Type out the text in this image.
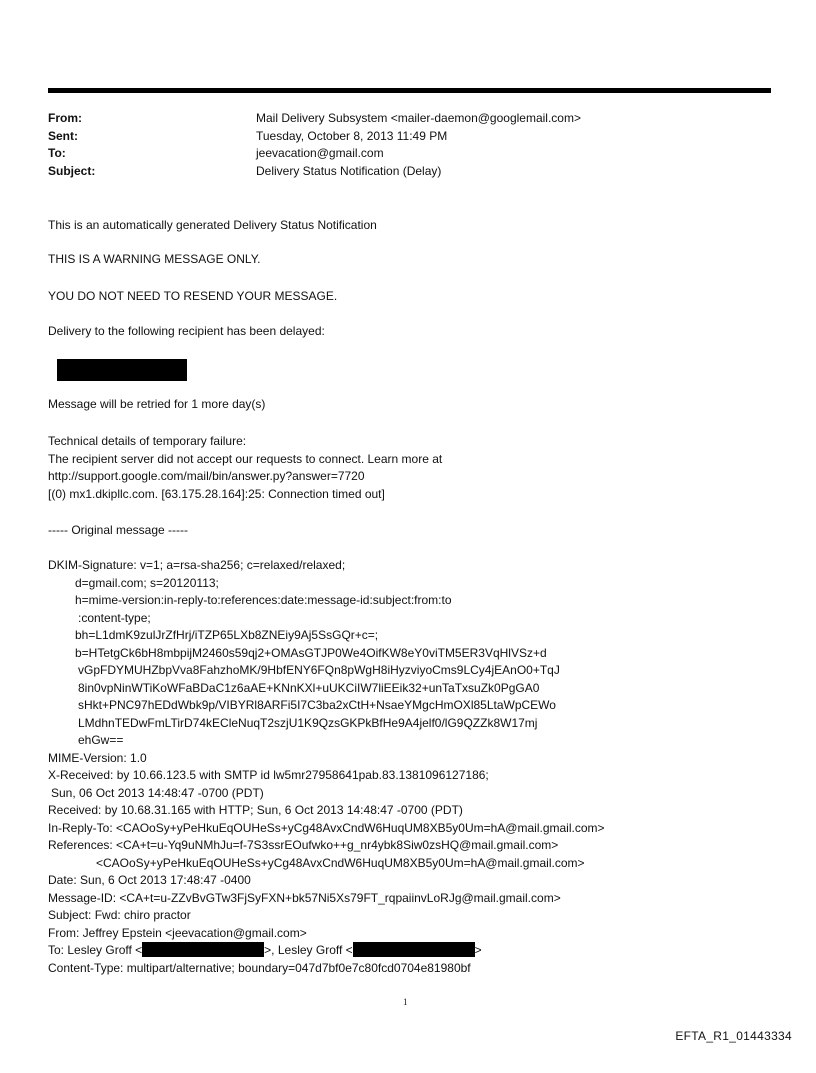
From:	Mail Delivery Subsystem <mailer-daemon@googlemail.com>
Sent:	Tuesday, October 8, 2013 11:49 PM
To:	jeevacation@gmail.com
Subject:	Delivery Status Notification (Delay)
This is an automatically generated Delivery Status Notification
THIS IS A WARNING MESSAGE ONLY.
YOU DO NOT NEED TO RESEND YOUR MESSAGE.
Delivery to the following recipient has been delayed:
Message will be retried for 1 more day(s)
Technical details of temporary failure:
The recipient server did not accept our requests to connect. Learn more at
http://support.google.com/mail/bin/answer.py?answer=7720
[(0) mx1.dkipllc.com. [63.175.28.164]:25: Connection timed out]
----- Original message -----
DKIM-Signature: v=1; a=rsa-sha256; c=relaxed/relaxed;
d=gmail.com; s=20120113;
h=mime-version:in-reply-to:references:date:message-id:subject:from:to
:content-type;
bh=L1dmK9zulJrZfHrj/iTZP65LXb8ZNEiy9Aj5SsGQr+c=;
b=HTetgCk6bH8mbpijM2460s59qj2+OMAsGTJP0We4OifKW8eY0viTM5ER3VqHlVSz+d
vGpFDYMUHZbpVva8FahzhoMK/9HbfENY6FQn8pWgH8iHyzviyoCms9LCy4jEAnO0+TqJ
8in0vpNinWTiKoWFaBDaC1z6aAE+KNnKXl+uUKCiIW7liEEik32+unTaTxsuZk0PgGA0
sHkt+PNC97hEDdWbk9p/VIBYRl8ARFi5I7C3ba2xCtH+NsaeYMgcHmOXl85LtaWpCEWo
LMdhnTEDwFmLTirD74kECleNuqT2szjU1K9QzsGKPkBfHe9A4jelf0/lG9QZZk8W17mj
ehGw==
MIME-Version: 1.0
X-Received: by 10.66.123.5 with SMTP id lw5mr27958641pab.83.1381096127186;
Sun, 06 Oct 2013 14:48:47 -0700 (PDT)
Received: by 10.68.31.165 with HTTP; Sun, 6 Oct 2013 14:48:47 -0700 (PDT)
In-Reply-To: <CAOoSy+yPeHkuEqOUHeSs+yCg48AvxCndW6HuqUM8XB5y0Um=hA@mail.gmail.com>
References: <CA+t=u-Yq9uNMhJu=f-7S3ssrEOufwko++g_nr4ybk8Siw0zsHQ@mail.gmail.com>
<CAOoSy+yPeHkuEqOUHeSs+yCg48AvxCndW6HuqUM8XB5y0Um=hA@mail.gmail.com>
Date: Sun, 6 Oct 2013 17:48:47 -0400
Message-ID: <CA+t=u-ZZvBvGTw3FjSyFXN+bk57Ni5Xs79FT_rqpaiinvLoRJg@mail.gmail.com>
Subject: Fwd: chiro practor
From: Jeffrey Epstein <jeevacation@gmail.com>
To: Lesley Groff <	>, Lesley Groff <	>
Content-Type: multipart/alternative; boundary=047d7bf0e7c80fcd0704e81980bf
1
EFTA_R1_01443334
